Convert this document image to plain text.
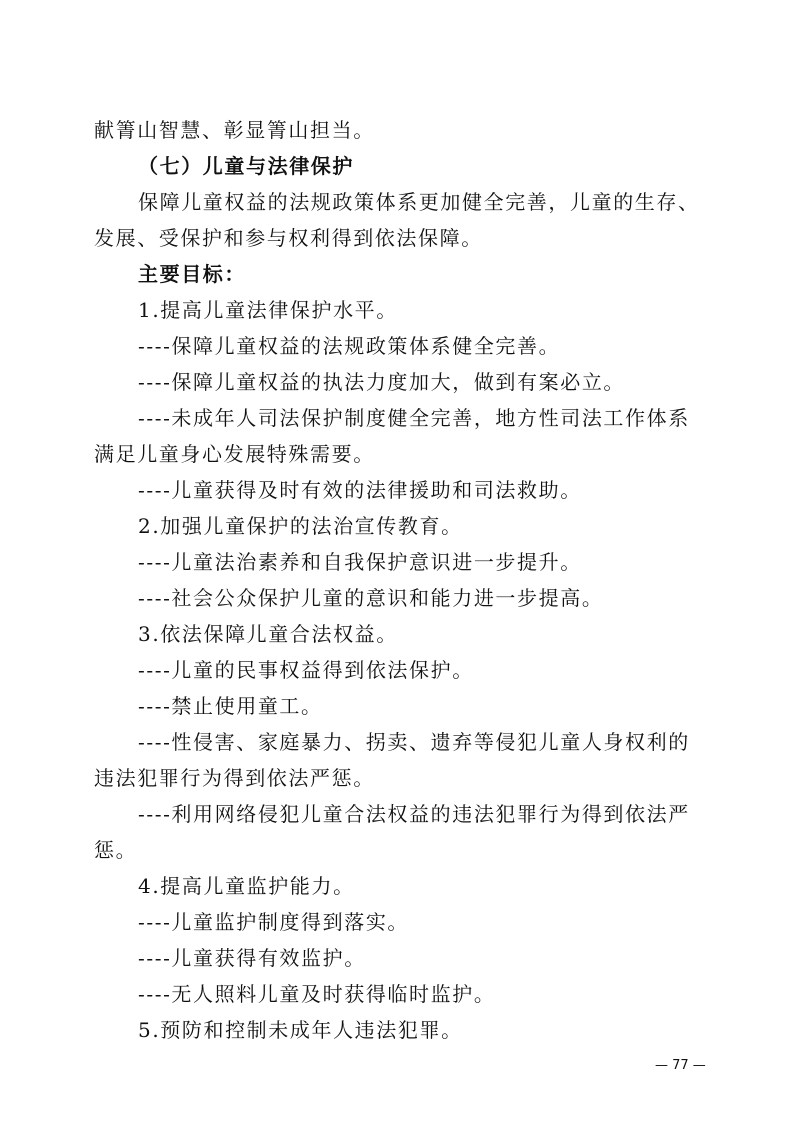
献箐山智慧、彰显箐山担当。
（七）儿童与法律保护
保障儿童权益的法规政策体系更加健全完善，儿童的生存、
发展、受保护和参与权利得到依法保障。
主要目标：
1.提高儿童法律保护水平。
----保障儿童权益的法规政策体系健全完善。
----保障儿童权益的执法力度加大，做到有案必立。
----未成年人司法保护制度健全完善，地方性司法工作体系
满足儿童身心发展特殊需要。
----儿童获得及时有效的法律援助和司法救助。
2.加强儿童保护的法治宣传教育。
----儿童法治素养和自我保护意识进一步提升。
----社会公众保护儿童的意识和能力进一步提高。
3.依法保障儿童合法权益。
----儿童的民事权益得到依法保护。
----禁止使用童工。
----性侵害、家庭暴力、拐卖、遗弃等侵犯儿童人身权利的
违法犯罪行为得到依法严惩。
----利用网络侵犯儿童合法权益的违法犯罪行为得到依法严
惩。
4.提高儿童监护能力。
----儿童监护制度得到落实。
----儿童获得有效监护。
----无人照料儿童及时获得临时监护。
5.预防和控制未成年人违法犯罪。
— 77 —
